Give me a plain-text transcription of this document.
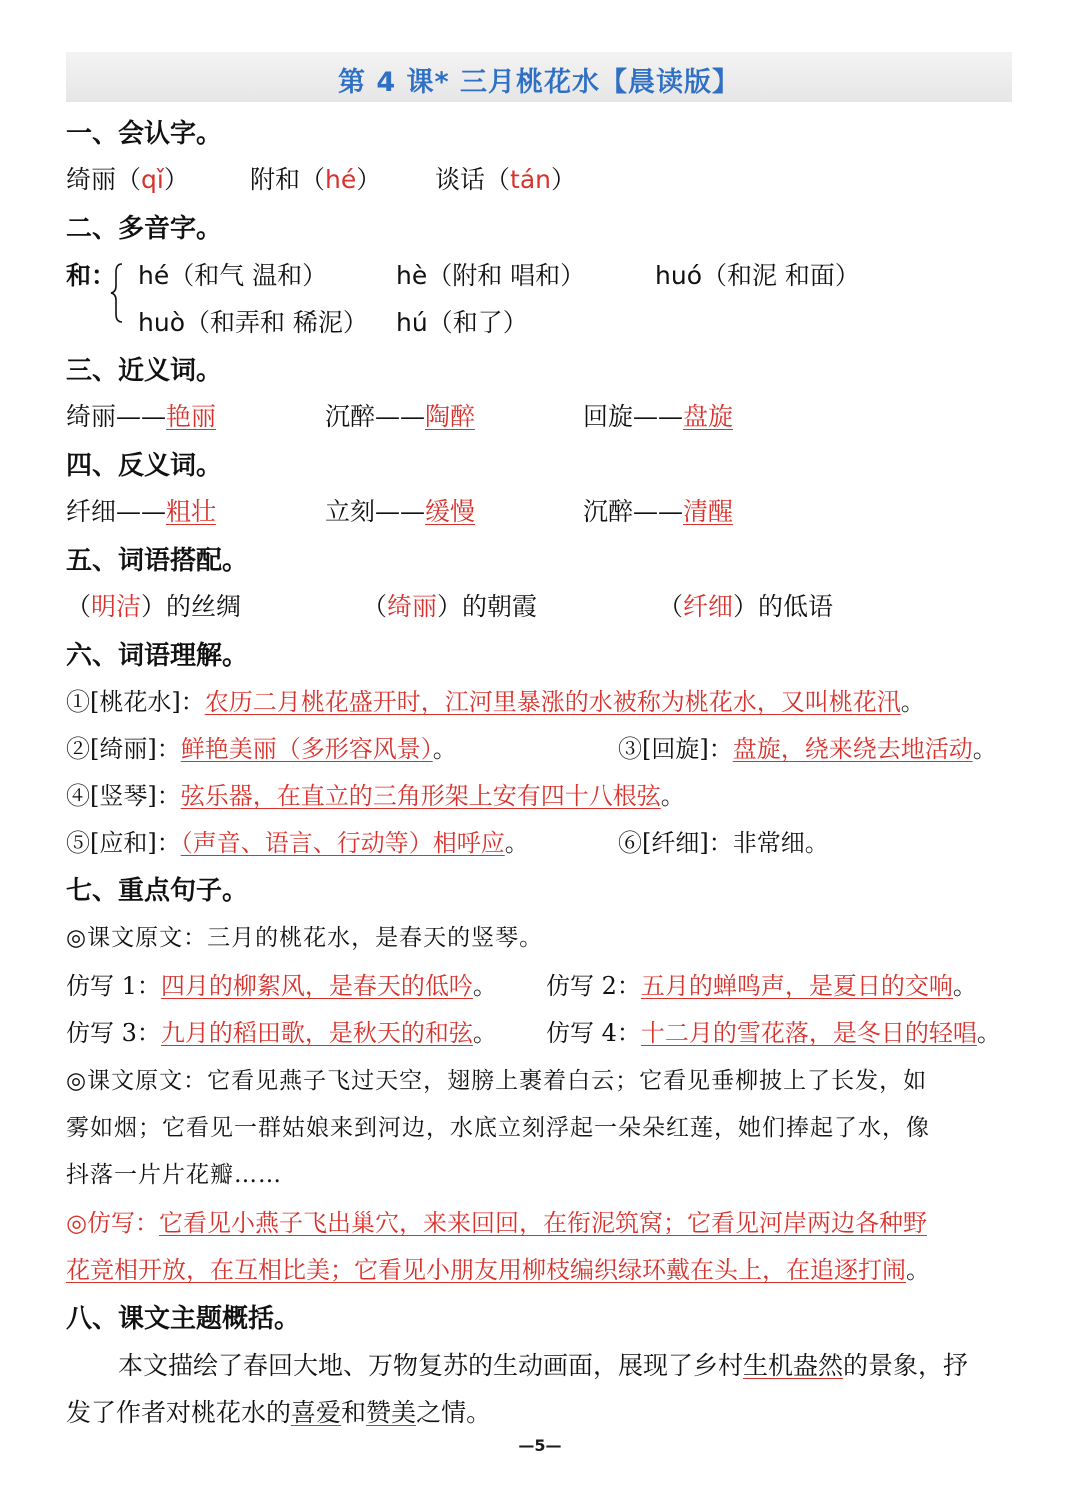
第 4 课* 三月桃花水【晨读版】
一、会认字。
绮丽（qǐ） 附和（hé） 谈话（tán）
二、多音字。
和： hé（和气 温和）	hè（附和 唱和）	huó（和泥 和面）
huò（和弄和 稀泥） hú（和了）
三、近义词。
绮丽——艳丽	沉醉——陶醉	回旋——盘旋
四、反义词。
纤细——粗壮	立刻——缓慢	沉醉——清醒
五、词语搭配。
（明洁）的丝绸	（绮丽）的朝霞	（纤细）的低语
六、词语理解。
①[桃花水]：农历二月桃花盛开时，江河里暴涨的水被称为桃花水，又叫桃花汛。
②[绮丽]：鲜艳美丽（多形容风景）。	③[回旋]：盘旋，绕来绕去地活动。
④[竖琴]：弦乐器，在直立的三角形架上安有四十八根弦。
⑤[应和]：（声音、语言、行动等）相呼应。	⑥[纤细]：非常细。
七、重点句子。
◎课文原文：三月的桃花水，是春天的竖琴。
仿写 1：四月的柳絮风，是春天的低吟。 仿写 2：五月的蝉鸣声，是夏日的交响。
仿写 3：九月的稻田歌，是秋天的和弦。 仿写 4：十二月的雪花落，是冬日的轻唱。
◎课文原文：它看见燕子飞过天空，翅膀上裹着白云；它看见垂柳披上了长发，如
雾如烟；它看见一群姑娘来到河边，水底立刻浮起一朵朵红莲，她们捧起了水，像
抖落一片片花瓣……
◎仿写：它看见小燕子飞出巢穴，来来回回，在衔泥筑窝；它看见河岸两边各种野
花竞相开放，在互相比美；它看见小朋友用柳枝编织绿环戴在头上，在追逐打闹。
八、课文主题概括。
本文描绘了春回大地、万物复苏的生动画面，展现了乡村生机盎然的景象，抒
发了作者对桃花水的喜爱和赞美之情。
—5—
